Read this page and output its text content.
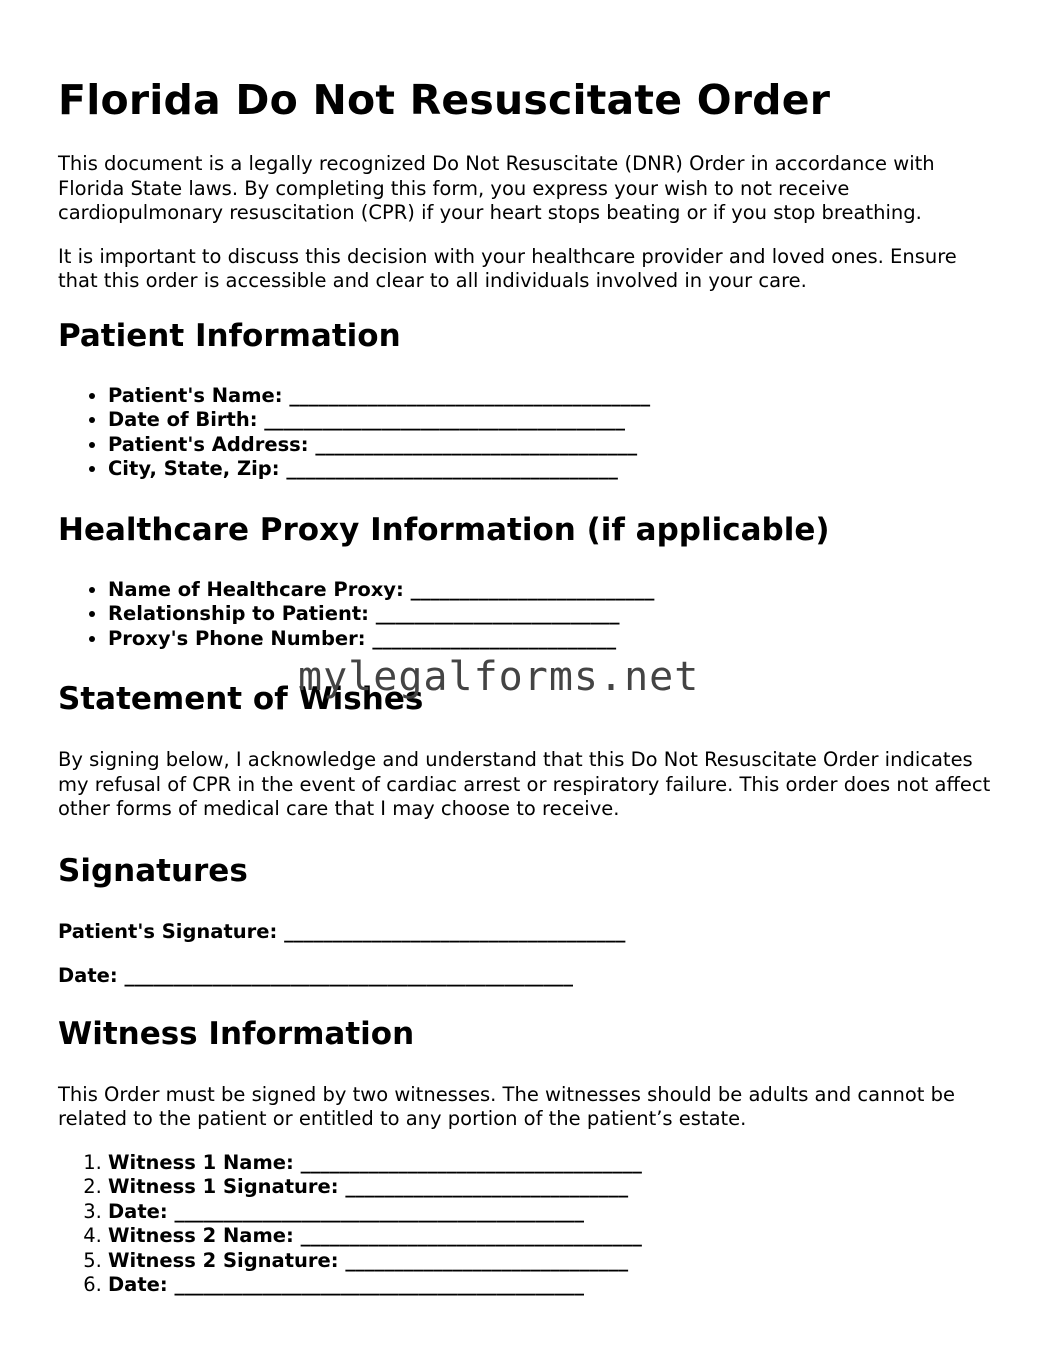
Florida Do Not Resuscitate Order

This document is a legally recognized Do Not Resuscitate (DNR) Order in accordance with Florida State laws. By completing this form, you express your wish to not receive cardiopulmonary resuscitation (CPR) if your heart stops beating or if you stop breathing.

It is important to discuss this decision with your healthcare provider and loved ones. Ensure that this order is accessible and clear to all individuals involved in your care.

Patient Information
• Patient's Name: _____________________________________
• Date of Birth: _____________________________________
• Patient's Address: _________________________________
• City, State, Zip: __________________________________
Healthcare Proxy Information (if applicable)
• Name of Healthcare Proxy: _________________________
• Relationship to Patient: _________________________
• Proxy's Phone Number: _________________________
Statement of Wishes

By signing below, I acknowledge and understand that this Do Not Resuscitate Order indicates my refusal of CPR in the event of cardiac arrest or respiratory failure. This order does not affect other forms of medical care that I may choose to receive.

Signatures

Patient's Signature: ___________________________________

Date: ______________________________________________

Witness Information

This Order must be signed by two witnesses. The witnesses should be adults and cannot be related to the patient or entitled to any portion of the patient’s estate.

1. Witness 1 Name: ___________________________________
2. Witness 1 Signature: _____________________________
3. Date: __________________________________________
4. Witness 2 Name: ___________________________________
5. Witness 2 Signature: _____________________________
6. Date: __________________________________________
mylegalforms.net
